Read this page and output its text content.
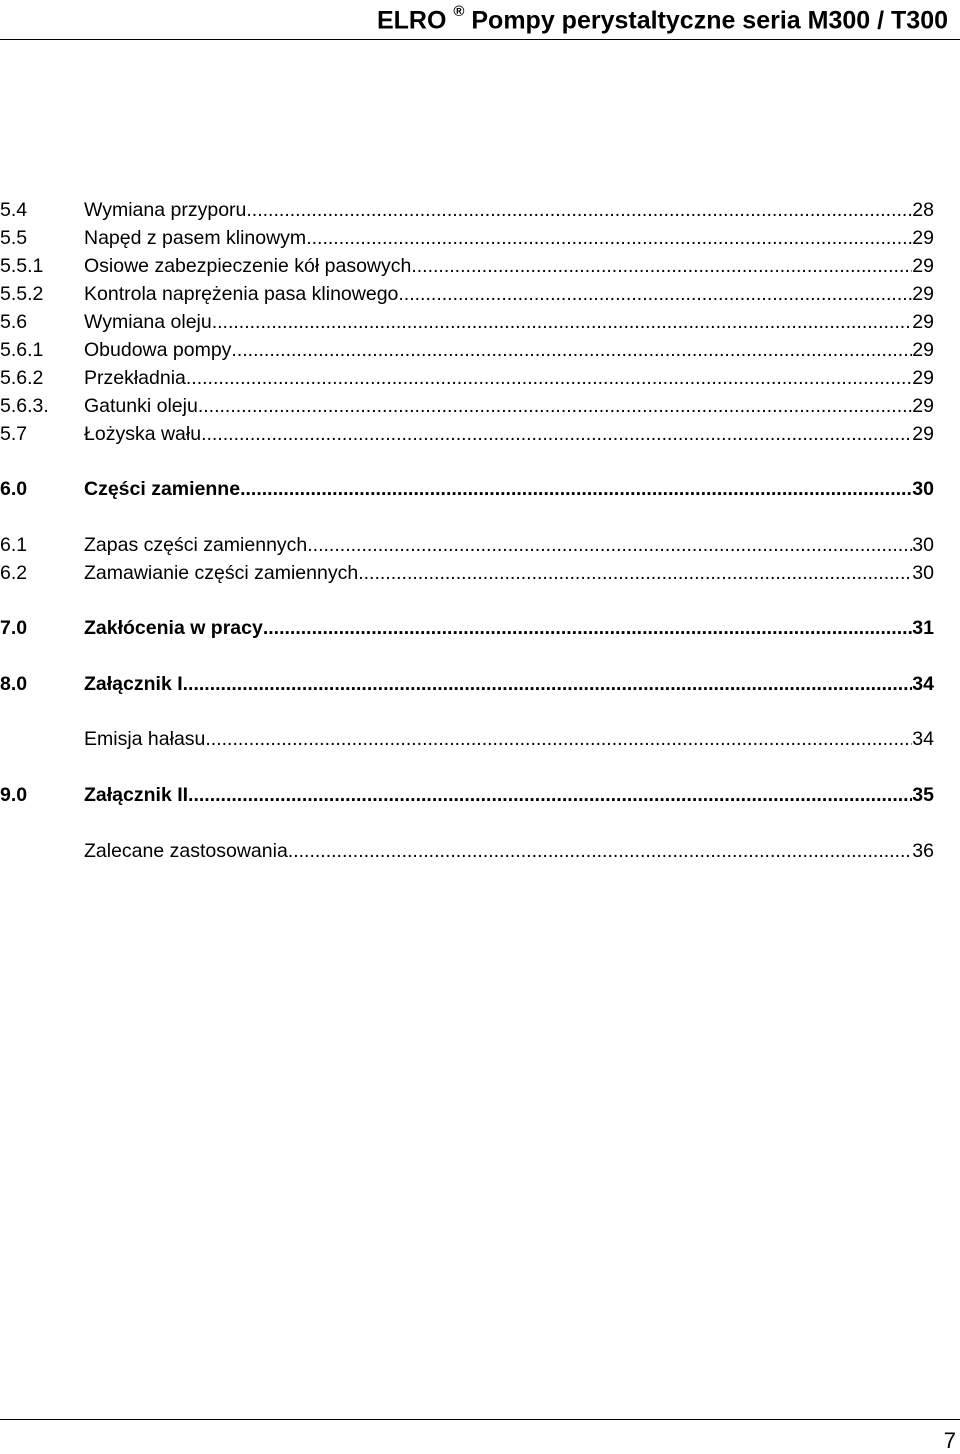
ELRO ® Pompy perystaltyczne seria M300 / T300
5.4	Wymiana przyporu .....	28
5.5	Napęd z pasem klinowym .....	29
5.5.1 Osiowe zabezpieczenie kół pasowych .....	29
5.5.2 Kontrola naprężenia pasa klinowego .....	29
5.6	Wymiana oleju .....	29
5.6.1 Obudowa pompy .....	29
5.6.2 Przekładnia .....	29
5.6.3. Gatunki oleju .....	29
5.7	Łożyska wału .....	29
6.0	Części zamienne .....	30
6.1	Zapas części zamiennych .....	30
6.2	Zamawianie części zamiennych .....	30
7.0	Zakłócenia w pracy .....	31
8.0	Załącznik I .....	34
Emisja hałasu .....	34
9.0	Załącznik II .....	35
Zalecane zastosowania .....	36
7
